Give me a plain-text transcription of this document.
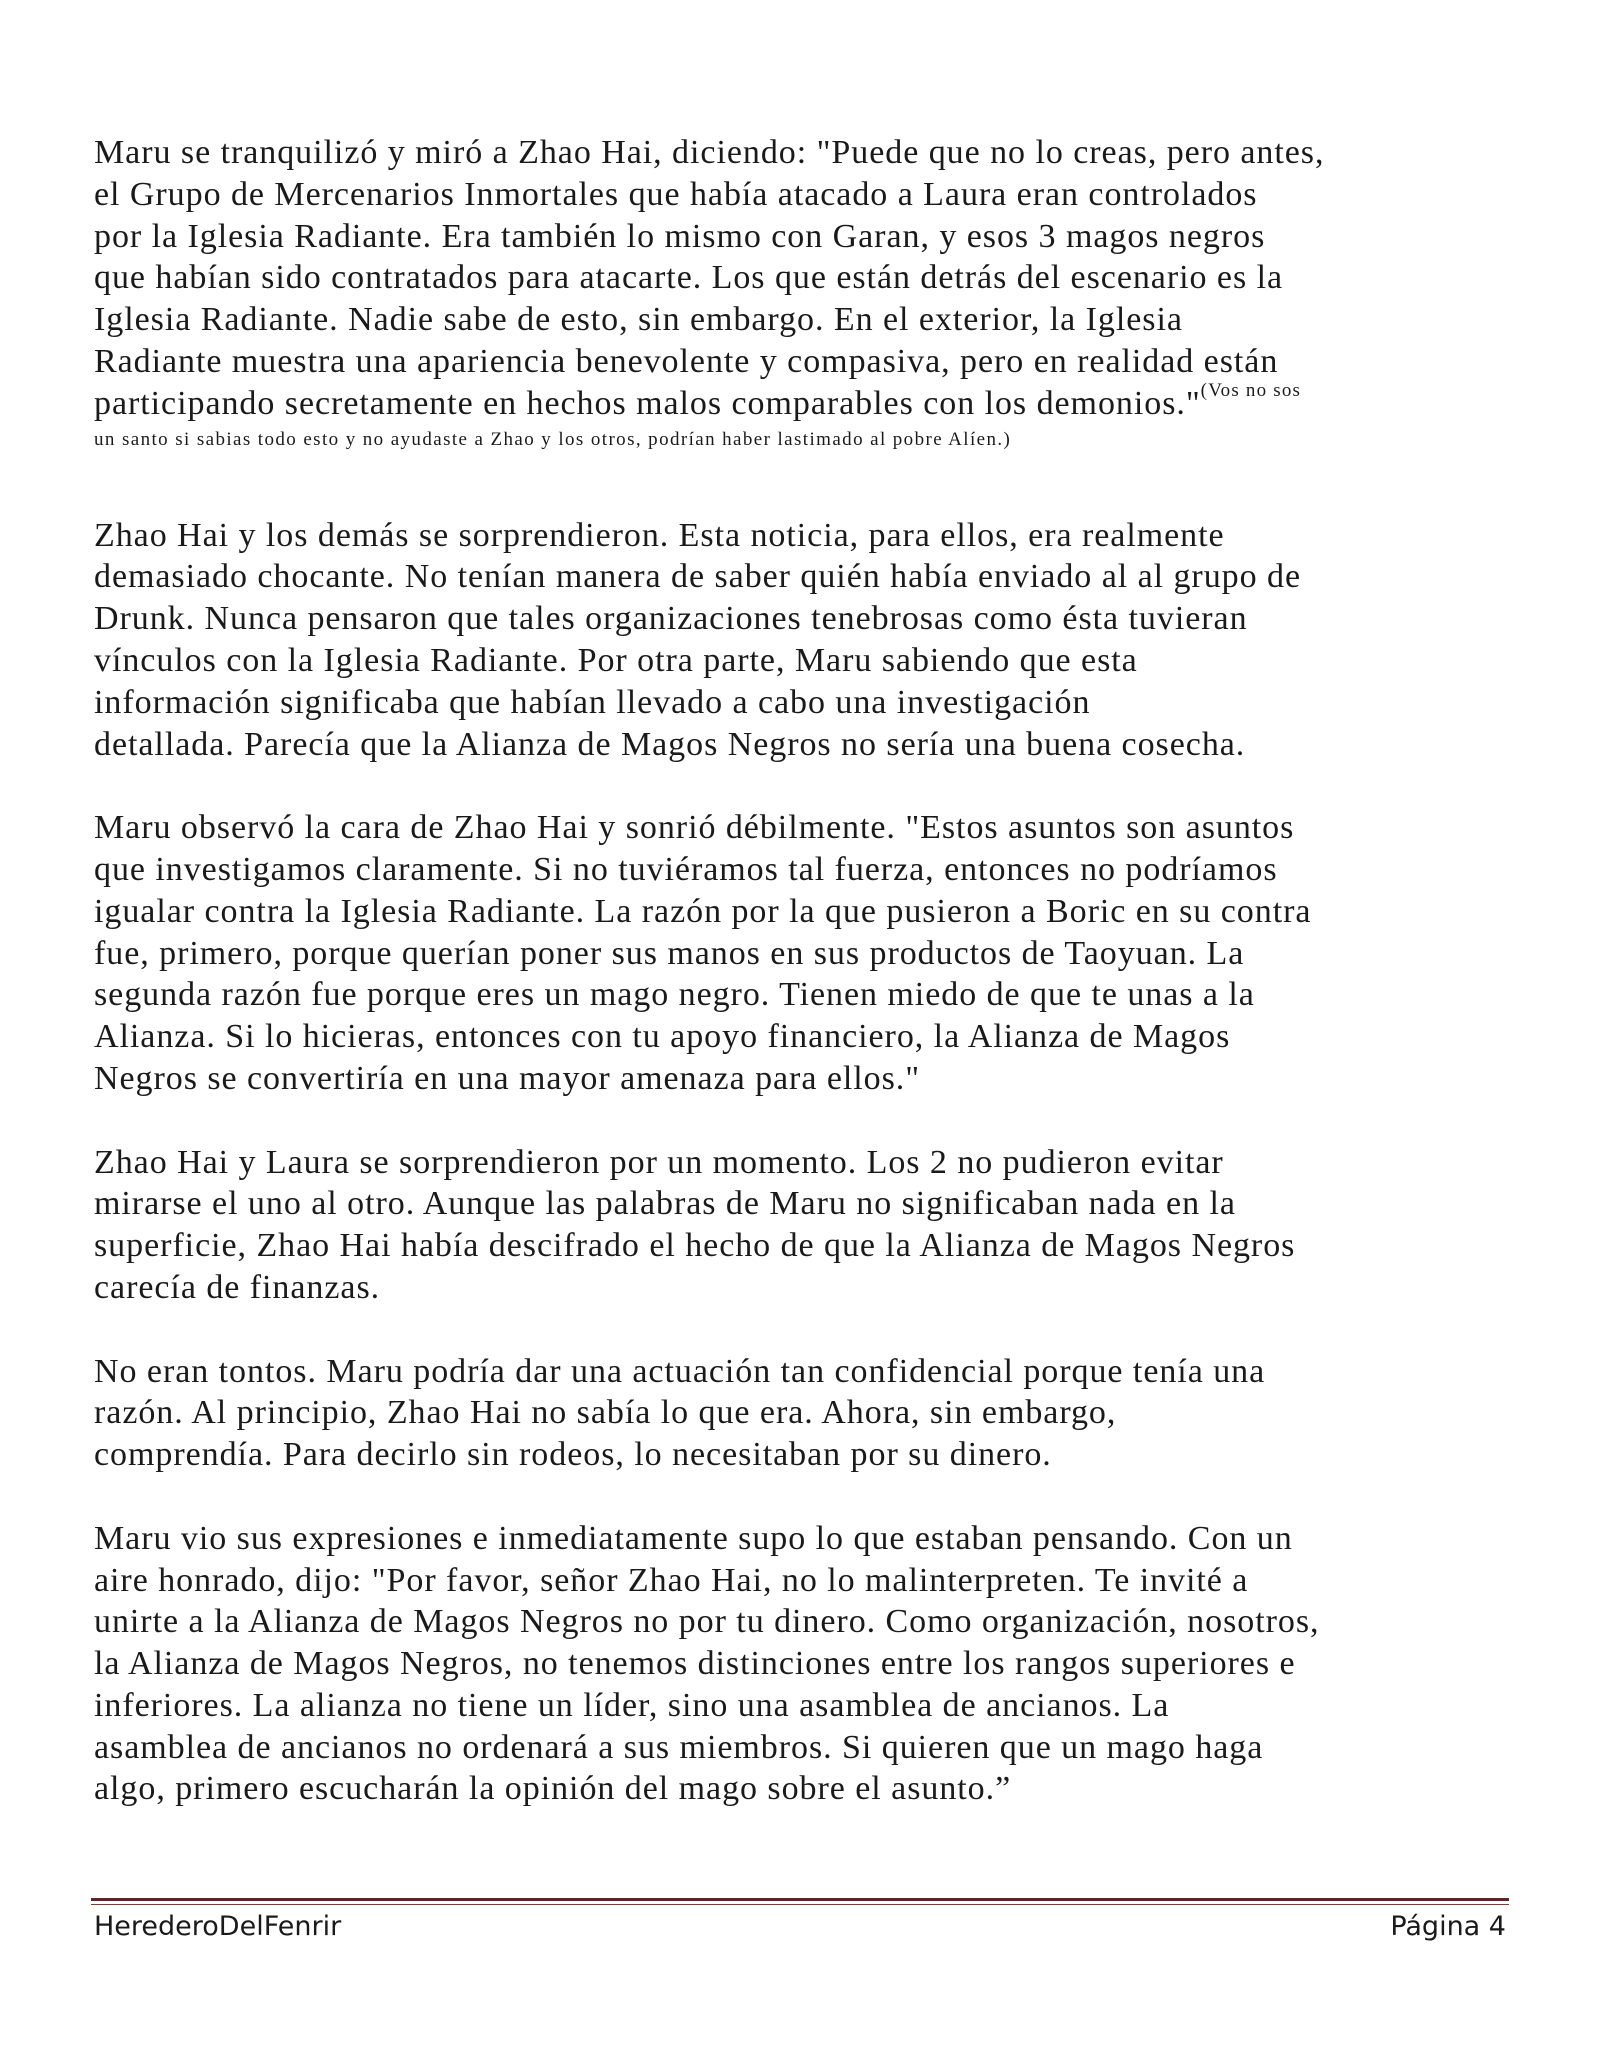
Maru se tranquilizó y miró a Zhao Hai, diciendo: "Puede que no lo creas, pero antes,
el Grupo de Mercenarios Inmortales que había atacado a Laura eran controlados
por la Iglesia Radiante. Era también lo mismo con Garan, y esos 3 magos negros
que habían sido contratados para atacarte. Los que están detrás del escenario es la
Iglesia Radiante. Nadie sabe de esto, sin embargo. En el exterior, la Iglesia
Radiante muestra una apariencia benevolente y compasiva, pero en realidad están
participando secretamente en hechos malos comparables con los demonios."$^{(Vos no sos}$
un santo si sabias todo esto y no ayudaste a Zhao y los otros, podrían haber lastimado al pobre Alíen.)

Zhao Hai y los demás se sorprendieron. Esta noticia, para ellos, era realmente
demasiado chocante. No tenían manera de saber quién había enviado al al grupo de
Drunk. Nunca pensaron que tales organizaciones tenebrosas como ésta tuvieran
vínculos con la Iglesia Radiante. Por otra parte, Maru sabiendo que esta
información significaba que habían llevado a cabo una investigación
detallada. Parecía que la Alianza de Magos Negros no sería una buena cosecha.

Maru observó la cara de Zhao Hai y sonrió débilmente. "Estos asuntos son asuntos
que investigamos claramente. Si no tuviéramos tal fuerza, entonces no podríamos
igualar contra la Iglesia Radiante. La razón por la que pusieron a Boric en su contra
fue, primero, porque querían poner sus manos en sus productos de Taoyuan. La
segunda razón fue porque eres un mago negro. Tienen miedo de que te unas a la
Alianza. Si lo hicieras, entonces con tu apoyo financiero, la Alianza de Magos
Negros se convertiría en una mayor amenaza para ellos."

Zhao Hai y Laura se sorprendieron por un momento. Los 2 no pudieron evitar
mirarse el uno al otro. Aunque las palabras de Maru no significaban nada en la
superficie, Zhao Hai había descifrado el hecho de que la Alianza de Magos Negros
carecía de finanzas.

No eran tontos. Maru podría dar una actuación tan confidencial porque tenía una
razón. Al principio, Zhao Hai no sabía lo que era. Ahora, sin embargo,
comprendía. Para decirlo sin rodeos, lo necesitaban por su dinero.

Maru vio sus expresiones e inmediatamente supo lo que estaban pensando. Con un
aire honrado, dijo: "Por favor, señor Zhao Hai, no lo malinterpreten. Te invité a
unirte a la Alianza de Magos Negros no por tu dinero. Como organización, nosotros,
la Alianza de Magos Negros, no tenemos distinciones entre los rangos superiores e
inferiores. La alianza no tiene un líder, sino una asamblea de ancianos. La
asamblea de ancianos no ordenará a sus miembros. Si quieren que un mago haga
algo, primero escucharán la opinión del mago sobre el asunto.”

HerederoDelFenrir	Página 4
